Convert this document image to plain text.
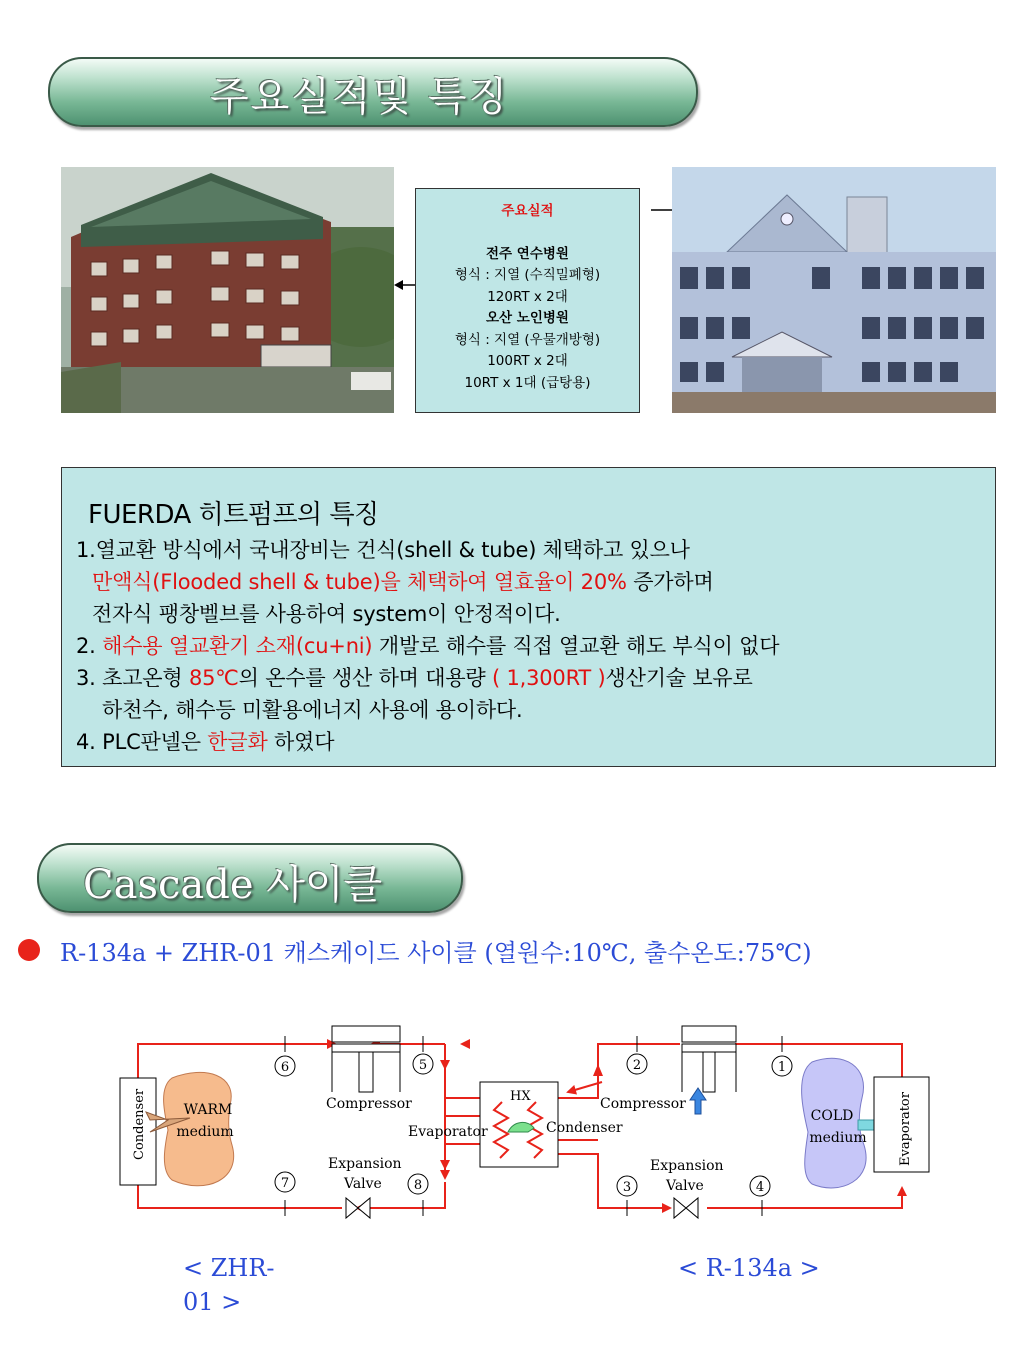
주요실적및 특징
주요실적
전주 연수병원
형식 : 지열 (수직밀폐형)
120RT x 2대
오산 노인병원
형식 : 지열 (우물개방형)
100RT x 2대
10RT x 1대 (급탕용)
FUERDA 히트펌프의 특징
1.열교환 방식에서 국내장비는 건식(shell & tube) 체택하고 있으나
만액식(Flooded shell & tube)을 체택하여 열효율이 20% 증가하며
전자식 팽창벨브를 사용하여 system이 안정적이다.
2. 해수용 열교환기 소재(cu+ni) 개발로 해수를 직접 열교환 해도 부식이 없다
3. 초고온형 85℃의 온수를 생산 하며 대용량 ( 1,300RT )생산기술 보유로
하천수, 해수등 미활용에너지 사용에 용이하다.
4. PLC판넬은 한글화 하였다
Cascade 사이클
R-134a + ZHR-01 캐스케이드 사이클 (열원수:10℃, 출수온도:75℃)
6	5	2	1
7	8	3	4
Condenser	WARM
medium
Compressor
Expansion
Valve
HX
Evaporator	Condenser
Compressor
Expansion
Valve
COLD
medium Evaporator
< ZHR-01 >
< R-134a >
